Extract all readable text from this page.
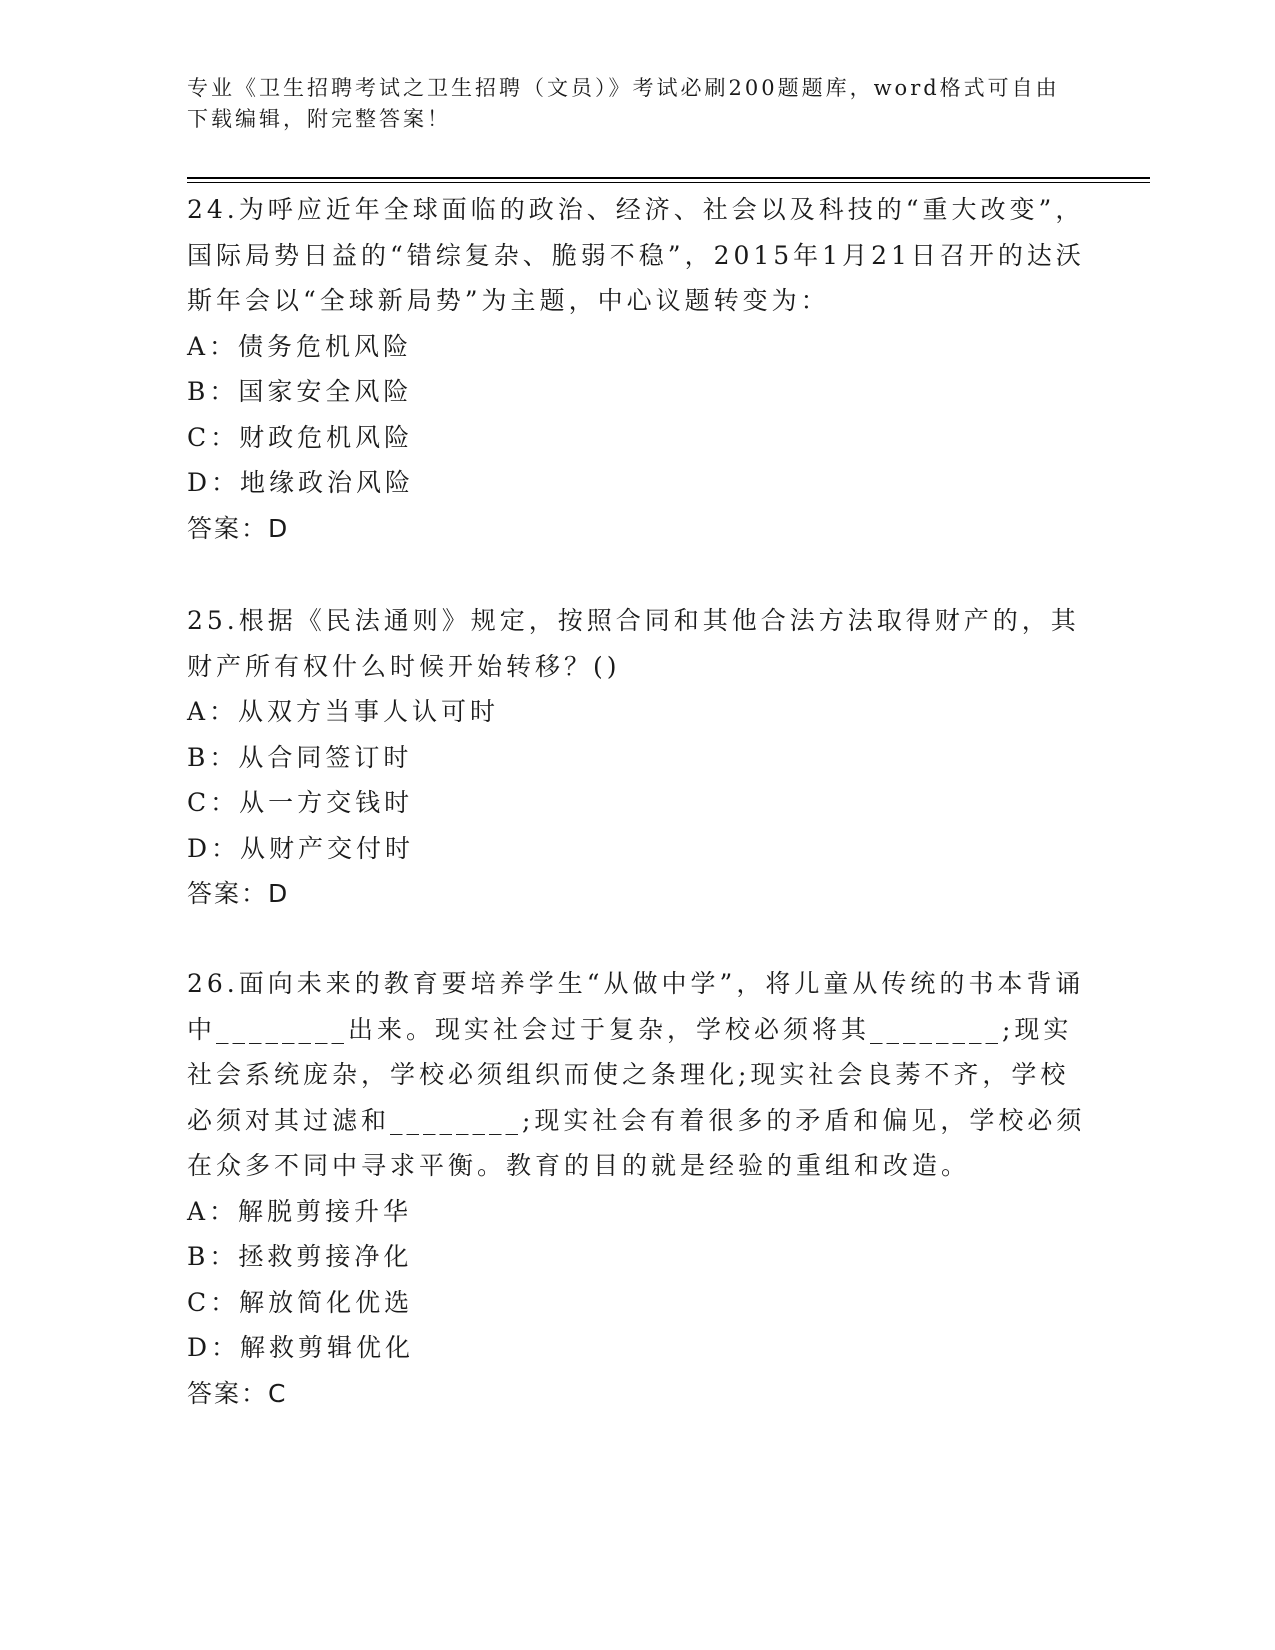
专业《卫生招聘考试之卫生招聘（文员）》考试必刷200题题库，word格式可自由下载编辑，附完整答案！

24.为呼应近年全球面临的政治、经济、社会以及科技的“重大改变”，国际局势日益的“错综复杂、脆弱不稳”，2015年1月21日召开的达沃斯年会以“全球新局势”为主题，中心议题转变为：

A：债务危机风险

B：国家安全风险

C：财政危机风险

D：地缘政治风险

答案：D

25.根据《民法通则》规定，按照合同和其他合法方法取得财产的，其财产所有权什么时候开始转移？()

A：从双方当事人认可时

B：从合同签订时

C：从一方交钱时

D：从财产交付时

答案：D

26.面向未来的教育要培养学生“从做中学”，将儿童从传统的书本背诵中________出来。现实社会过于复杂，学校必须将其________;现实社会系统庞杂，学校必须组织而使之条理化;现实社会良莠不齐，学校必须对其过滤和________;现实社会有着很多的矛盾和偏见，学校必须在众多不同中寻求平衡。教育的目的就是经验的重组和改造。

A：解脱剪接升华

B：拯救剪接净化

C：解放简化优选

D：解救剪辑优化

答案：C
